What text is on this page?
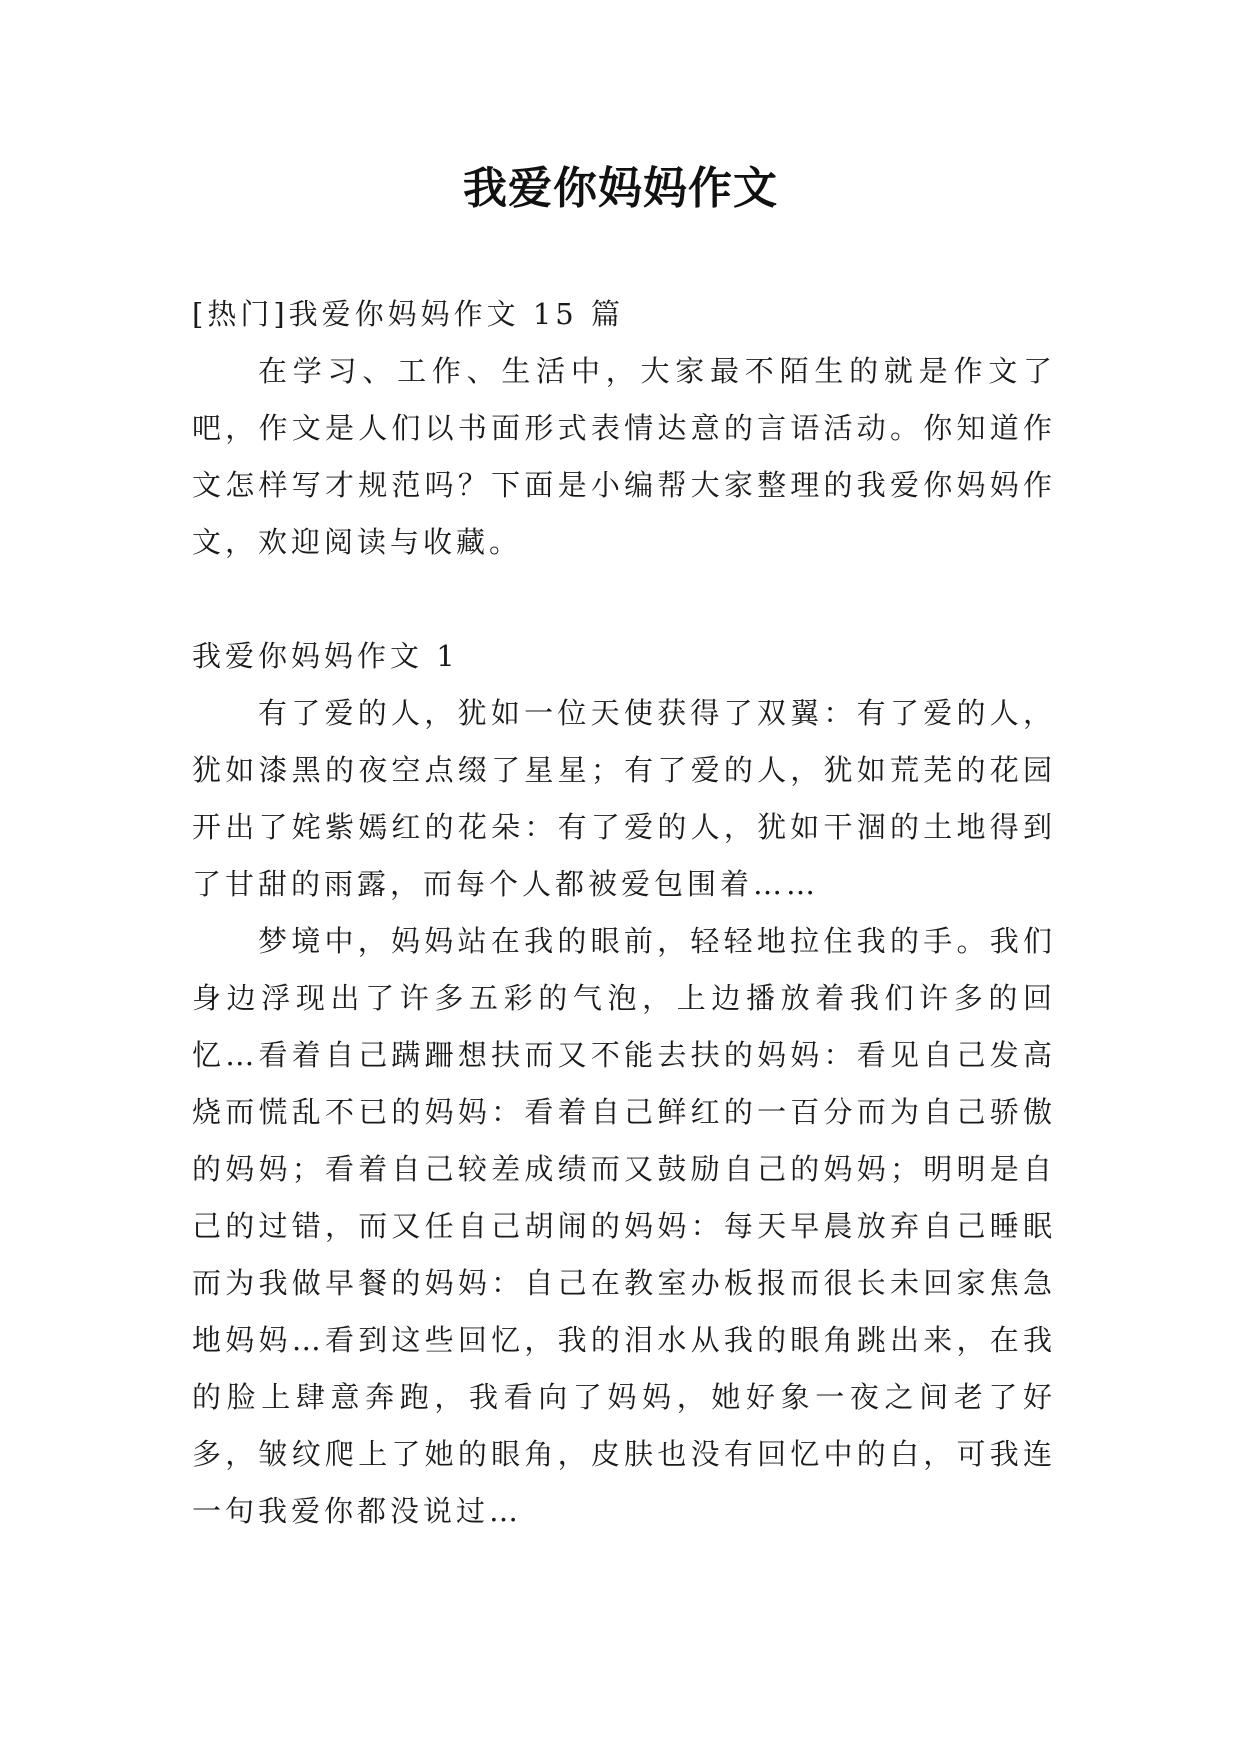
我爱你妈妈作文

[热门]我爱你妈妈作文 15 篇

在学习、工作、生活中，大家最不陌生的就是作文了吧，作文是人们以书面形式表情达意的言语活动。你知道作文怎样写才规范吗？下面是小编帮大家整理的我爱你妈妈作文，欢迎阅读与收藏。

我爱你妈妈作文 1

有了爱的人，犹如一位天使获得了双翼：有了爱的人，犹如漆黑的夜空点缀了星星；有了爱的人，犹如荒芜的花园开出了姹紫嫣红的花朵：有了爱的人，犹如干涸的土地得到了甘甜的雨露，而每个人都被爱包围着……

梦境中，妈妈站在我的眼前，轻轻地拉住我的手。我们身边浮现出了许多五彩的气泡，上边播放着我们许多的回忆…看着自己蹒跚想扶而又不能去扶的妈妈：看见自己发高烧而慌乱不已的妈妈：看着自己鲜红的一百分而为自己骄傲的妈妈；看着自己较差成绩而又鼓励自己的妈妈；明明是自己的过错，而又任自己胡闹的妈妈：每天早晨放弃自己睡眠而为我做早餐的妈妈：自己在教室办板报而很长未回家焦急地妈妈…看到这些回忆，我的泪水从我的眼角跳出来，在我的脸上肆意奔跑，我看向了妈妈，她好象一夜之间老了好多，皱纹爬上了她的眼角，皮肤也没有回忆中的白，可我连一句我爱你都没说过…
